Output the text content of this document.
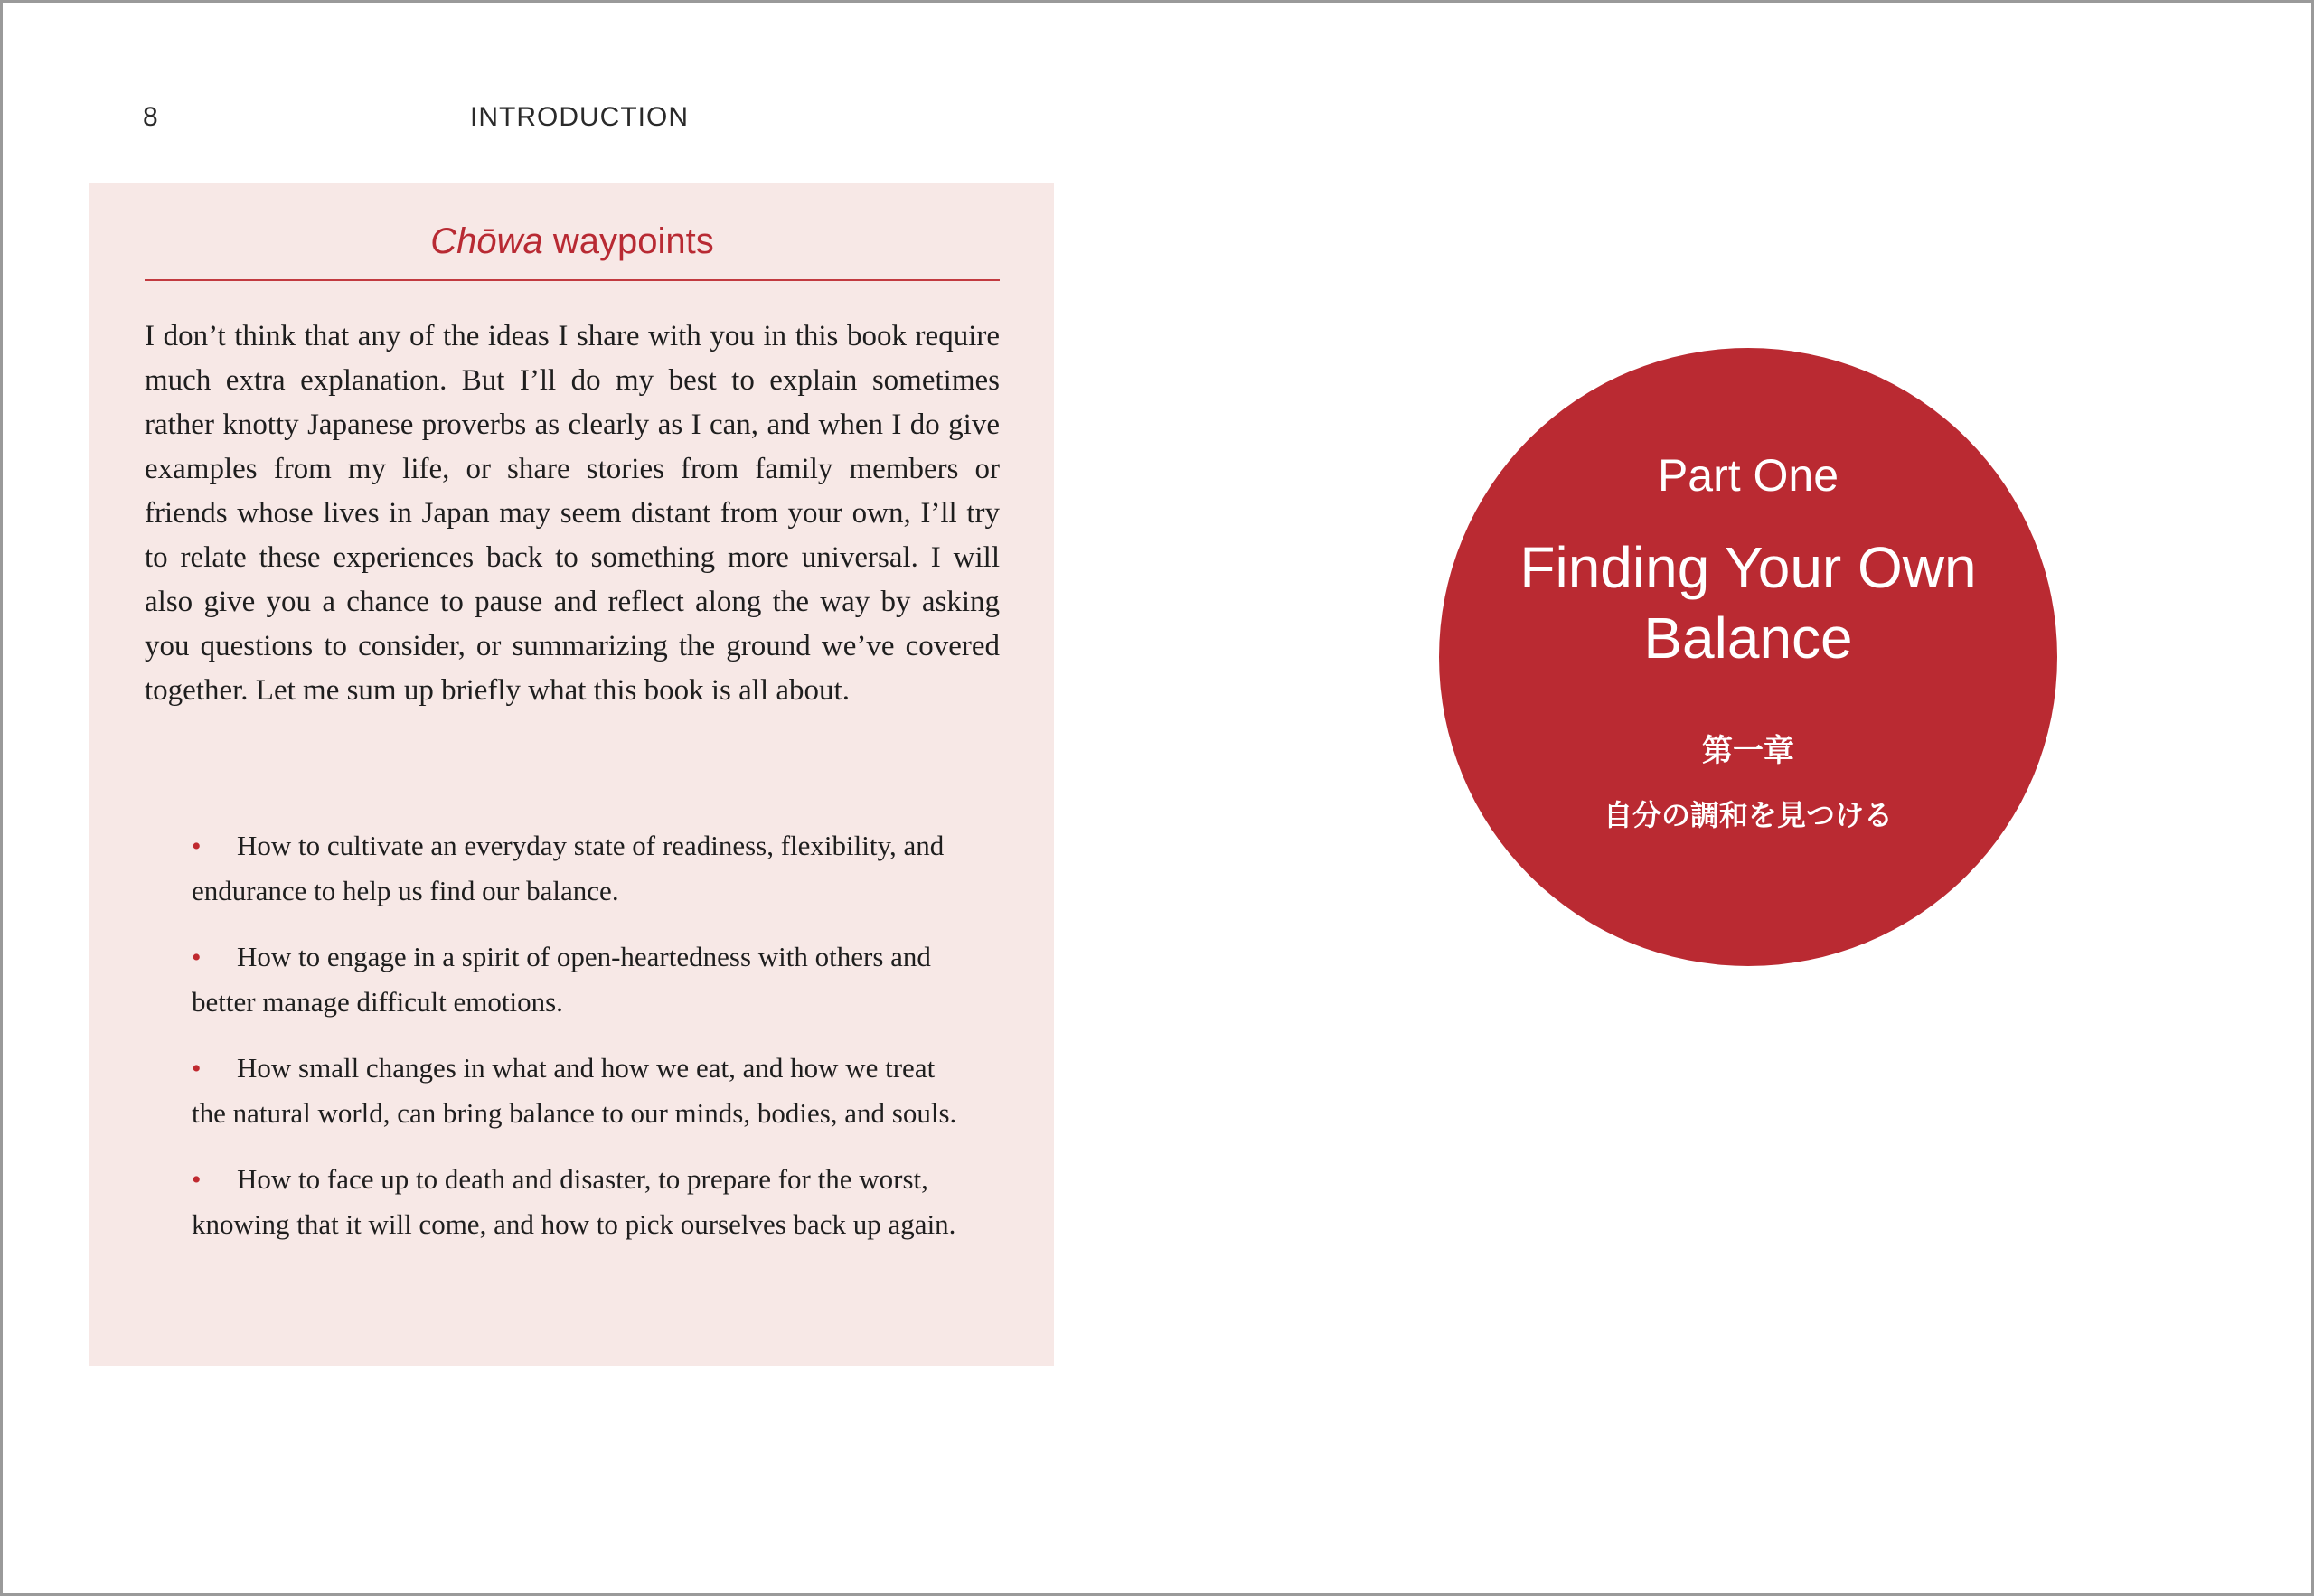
8	INTRODUCTION
Chōwa waypoints
I don’t think that any of the ideas I share with you in this book require much extra explanation. But I’ll do my best to explain sometimes rather knotty Japanese proverbs as clearly as I can, and when I do give examples from my life, or share stories from family members or friends whose lives in Japan may seem distant from your own, I’ll try to relate these experiences back to something more universal. I will also give you a chance to pause and reflect along the way by asking you questions to consider, or summarizing the ground we’ve covered together. Let me sum up briefly what this book is all about.
• How to cultivate an everyday state of readiness, flexibility, and endurance to help us find our balance.
• How to engage in a spirit of open-heartedness with others and better manage difficult emotions.
• How small changes in what and how we eat, and how we treat the natural world, can bring balance to our minds, bodies, and souls.
• How to face up to death and disaster, to prepare for the worst, knowing that it will come, and how to pick ourselves back up again.
Part One
Finding Your Own Balance
第一章
自分の調和を見つける
